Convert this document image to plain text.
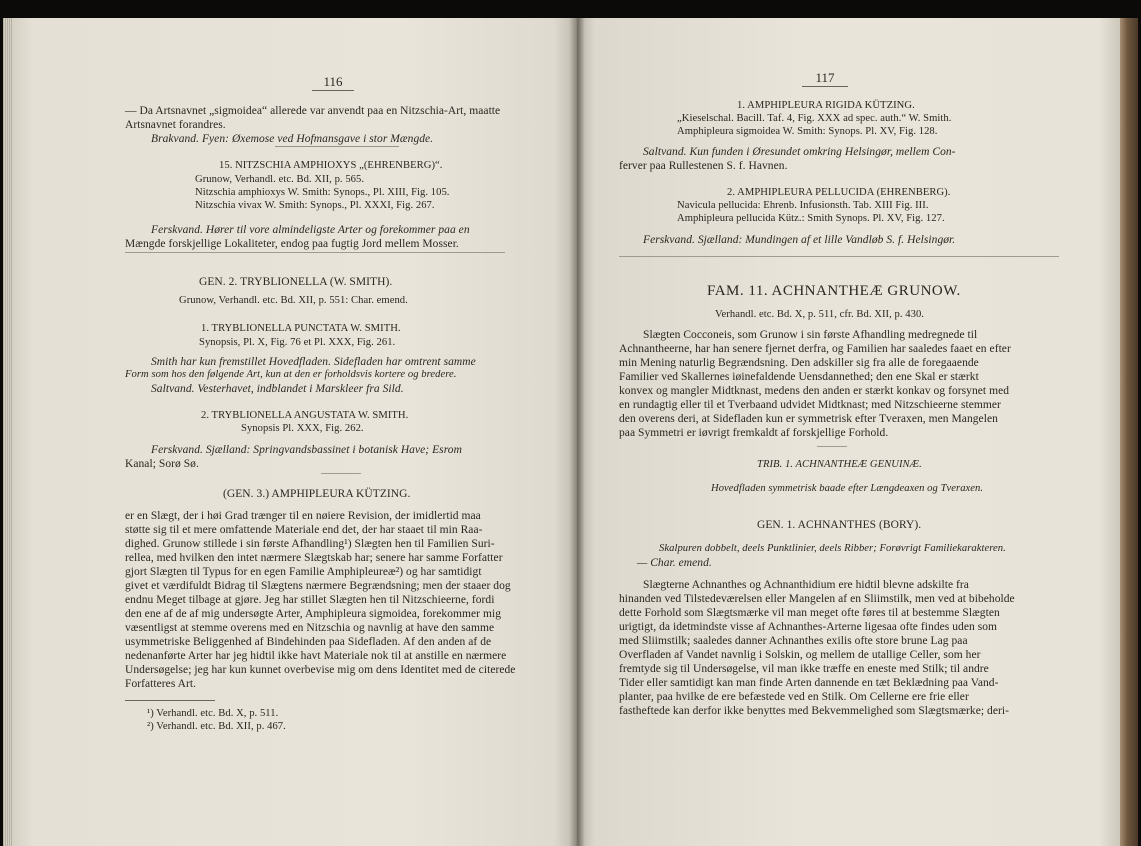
116
— Da Artsnavnet „sigmoidea“ allerede var anvendt paa en Nitzschia-Art, maatte
Artsnavnet forandres.
Brakvand. Fyen: Øxemose ved Hofmansgave i stor Mængde.
15. NITZSCHIA AMPHIOXYS „(EHRENBERG)“.
Grunow, Verhandl. etc. Bd. XII, p. 565.
Nitzschia amphioxys W. Smith: Synops., Pl. XIII, Fig. 105.
Nitzschia vivax W. Smith: Synops., Pl. XXXI, Fig. 267.
Ferskvand. Hører til vore almindeligste Arter og forekommer paa en
Mængde forskjellige Lokaliteter, endog paa fugtig Jord mellem Mosser.
GEN. 2. TRYBLIONELLA (W. SMITH).
Grunow, Verhandl. etc. Bd. XII, p. 551: Char. emend.
1. TRYBLIONELLA PUNCTATA W. SMITH.
Synopsis, Pl. X, Fig. 76 et Pl. XXX, Fig. 261.
Smith har kun fremstillet Hovedfladen. Sidefladen har omtrent samme
Form som hos den følgende Art, kun at den er forholdsvis kortere og bredere.
Saltvand. Vesterhavet, indblandet i Marskleer fra Sild.
2. TRYBLIONELLA ANGUSTATA W. SMITH.
Synopsis Pl. XXX, Fig. 262.
Ferskvand. Sjælland: Springvandsbassinet i botanisk Have; Esrom
Kanal; Sorø Sø.
(GEN. 3.) AMPHIPLEURA KÜTZING.
er en Slægt, der i høi Grad trænger til en nøiere Revision, der imidlertid maa
støtte sig til et mere omfattende Materiale end det, der har staaet til min Raa-
dighed. Grunow stillede i sin første Afhandling¹) Slægten hen til Familien Suri-
rellea, med hvilken den intet nærmere Slægtskab har; senere har samme Forfatter
gjort Slægten til Typus for en egen Familie Amphipleureæ²) og har samtidigt
givet et værdifuldt Bidrag til Slægtens nærmere Begrændsning; men der staaer dog
endnu Meget tilbage at gjøre. Jeg har stillet Slægten hen til Nitzschieerne, fordi
den ene af de af mig undersøgte Arter, Amphipleura sigmoidea, forekommer mig
væsentligst at stemme overens med en Nitzschia og navnlig at have den samme
usymmetriske Beliggenhed af Bindehinden paa Sidefladen. Af den anden af de
nedenanførte Arter har jeg hidtil ikke havt Materiale nok til at anstille en nærmere
Undersøgelse; jeg har kun kunnet overbevise mig om dens Identitet med de citerede
Forfatteres Art.
¹) Verhandl. etc. Bd. X, p. 511.
²) Verhandl. etc. Bd. XII, p. 467.
117
1. AMPHIPLEURA RIGIDA KÜTZING.
„Kieselschal. Bacill. Taf. 4, Fig. XXX ad spec. auth.“ W. Smith.
Amphipleura sigmoidea W. Smith: Synops. Pl. XV, Fig. 128.
Saltvand. Kun funden i Øresundet omkring Helsingør, mellem Con-
ferver paa Rullestenen S. f. Havnen.
2. AMPHIPLEURA PELLUCIDA (EHRENBERG).
Navicula pellucida: Ehrenb. Infusionsth. Tab. XIII Fig. III.
Amphipleura pellucida Kütz.: Smith Synops. Pl. XV, Fig. 127.
Ferskvand. Sjælland: Mundingen af et lille Vandløb S. f. Helsingør.
FAM. 11. ACHNANTHEÆ GRUNOW.
Verhandl. etc. Bd. X, p. 511, cfr. Bd. XII, p. 430.
Slægten Cocconeis, som Grunow i sin første Afhandling medregnede til
Achnantheerne, har han senere fjernet derfra, og Familien har saaledes faaet en efter
min Mening naturlig Begrændsning. Den adskiller sig fra alle de foregaaende
Familier ved Skallernes iøinefaldende Uensdannethed; den ene Skal er stærkt
konvex og mangler Midtknast, medens den anden er stærkt konkav og forsynet med
en rundagtig eller til et Tverbaand udvidet Midtknast; med Nitzschieerne stemmer
den overens deri, at Sidefladen kun er symmetrisk efter Tveraxen, men Mangelen
paa Symmetri er iøvrigt fremkaldt af forskjellige Forhold.
TRIB. 1. ACHNANTHEÆ GENUINÆ.
Hovedfladen symmetrisk baade efter Længdeaxen og Tveraxen.
GEN. 1. ACHNANTHES (BORY).
Skalpuren dobbelt, deels Punktlinier, deels Ribber; Forøvrigt Familiekarakteren.
— Char. emend.
Slægterne Achnanthes og Achnanthidium ere hidtil blevne adskilte fra
hinanden ved Tilstedeværelsen eller Mangelen af en Sliimstilk, men ved at bibeholde
dette Forhold som Slægtsmærke vil man meget ofte føres til at bestemme Slægten
urigtigt, da idetmindste visse af Achnanthes-Arterne ligesaa ofte findes uden som
med Sliimstilk; saaledes danner Achnanthes exilis ofte store brune Lag paa
Overfladen af Vandet navnlig i Solskin, og mellem de utallige Celler, som her
fremtyde sig til Undersøgelse, vil man ikke træffe en eneste med Stilk; til andre
Tider eller samtidigt kan man finde Arten dannende en tæt Beklædning paa Vand-
planter, paa hvilke de ere befæstede ved en Stilk. Om Cellerne ere frie eller
fastheftede kan derfor ikke benyttes med Bekvemmelighed som Slægtsmærke; deri-
